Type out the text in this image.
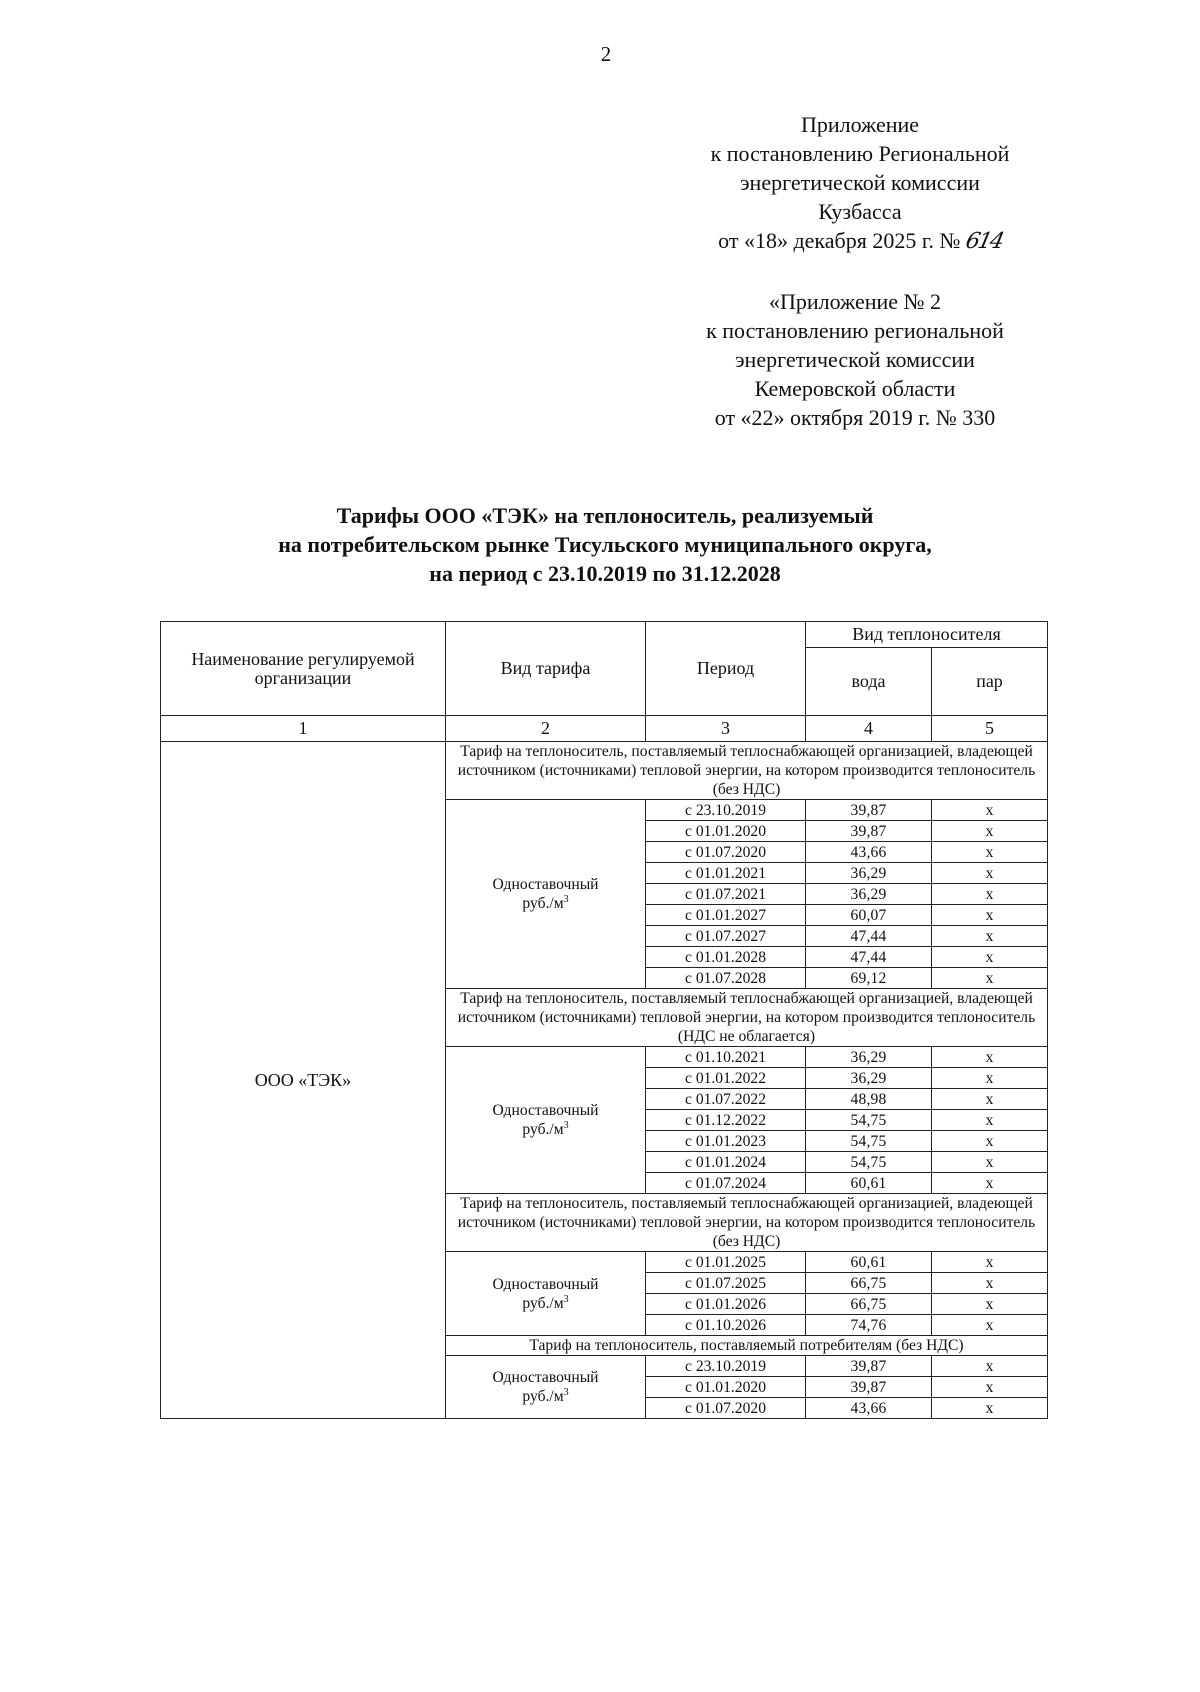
2
Приложение
к постановлению Региональной
энергетической комиссии
Кузбасса
от «18» декабря 2025 г. № 614
«Приложение № 2
к постановлению региональной
энергетической комиссии
Кемеровской области
от «22» октября 2019 г. № 330
Тарифы ООО «ТЭК» на теплоноситель, реализуемый
на потребительском рынке Тисульского муниципального округа,
на период с 23.10.2019 по 31.12.2028
Наименование регулируемой организации	Вид тарифа	Период	Вид теплоносителя	
			вода	пар
1	2	3	4	5
ООО «ТЭК»	Тариф на теплоноситель, поставляемый теплоснабжающей организацией, владеющей источником (источниками) тепловой энергии, на котором производится теплоноситель (без НДС)			

	Одноставочный
$руб./м^3$	с 23.10.2019	39,87	x
		с 01.01.2020	39,87	x
		с 01.07.2020	43,66	x
		с 01.01.2021	36,29	x
		с 01.07.2021	36,29	x
		с 01.01.2027	60,07	x
		с 01.07.2027	47,44	x
		с 01.01.2028	47,44	x
		с 01.07.2028	69,12	x
	Тариф на теплоноситель, поставляемый теплоснабжающей организацией, владеющей источником (источниками) тепловой энергии, на котором производится теплоноситель (НДС не облагается)			

	Одноставочный
$руб./м^3$	с 01.10.2021	36,29	x
		с 01.01.2022	36,29	x
		с 01.07.2022	48,98	x
		с 01.12.2022	54,75	x
		с 01.01.2023	54,75	x
		с 01.01.2024	54,75	x
		с 01.07.2024	60,61	x
	Тариф на теплоноситель, поставляемый теплоснабжающей организацией, владеющей источником (источниками) тепловой энергии, на котором производится теплоноситель (без НДС)			

	Одноставочный
$руб./м^3$	с 01.01.2025	60,61	x
		с 01.07.2025	66,75	x
		с 01.01.2026	66,75	x
		с 01.10.2026	74,76	x
	Тариф на теплоноситель, поставляемый потребителям (без НДС)			

	Одноставочный
$руб./м^3$	с 23.10.2019	39,87	x
		с 01.01.2020	39,87	x
		с 01.07.2020	43,66	x
